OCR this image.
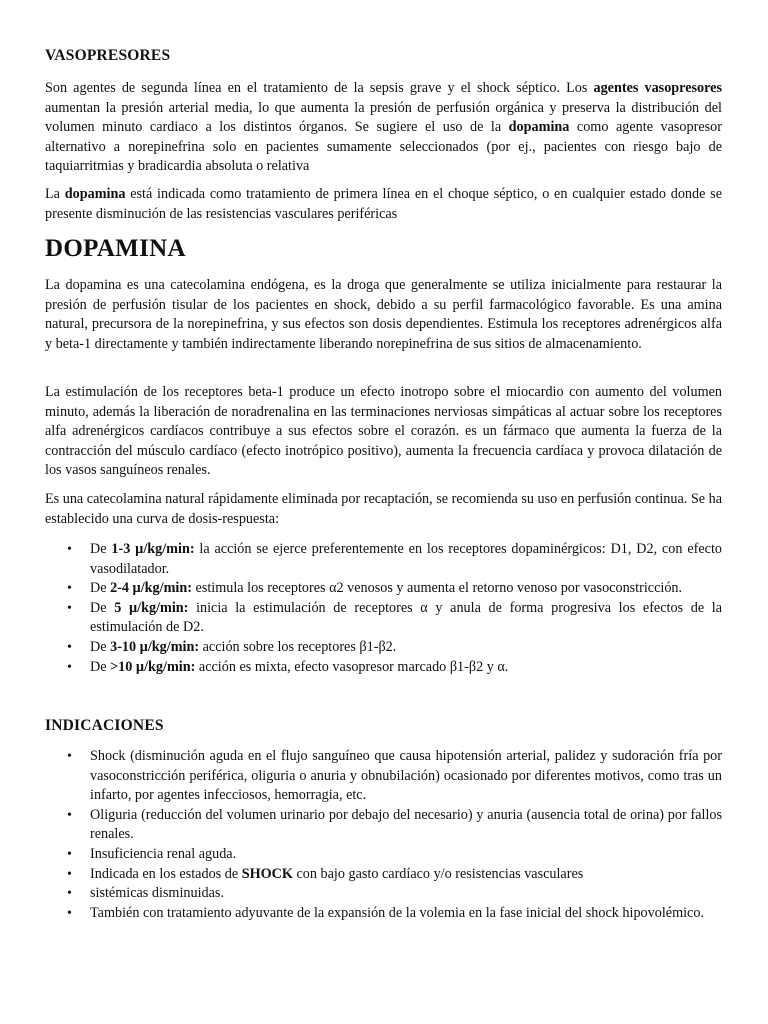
VASOPRESORES

Son agentes de segunda línea en el tratamiento de la sepsis grave y el shock séptico. Los agentes vasopresores aumentan la presión arterial media, lo que aumenta la presión de perfusión orgánica y preserva la distribución del volumen minuto cardiaco a los distintos órganos. Se sugiere el uso de la dopamina como agente vasopresor alternativo a norepinefrina solo en pacientes sumamente seleccionados (por ej., pacientes con riesgo bajo de taquiarritmias y bradicardia absoluta o relativa

La dopamina está indicada como tratamiento de primera línea en el choque séptico, o en cualquier estado donde se presente disminución de las resistencias vasculares periféricas

DOPAMINA

La dopamina es una catecolamina endógena, es la droga que generalmente se utiliza inicialmente para restaurar la presión de perfusión tisular de los pacientes en shock, debido a su perfil farmacológico favorable. Es una amina natural, precursora de la norepinefrina, y sus efectos son dosis dependientes. Estimula los receptores adrenérgicos alfa y beta-1 directamente y también indirectamente liberando norepinefrina de sus sitios de almacenamiento.

La estimulación de los receptores beta-1 produce un efecto inotropo sobre el miocardio con aumento del volumen minuto, además la liberación de noradrenalina en las terminaciones nerviosas simpáticas al actuar sobre los receptores alfa adrenérgicos cardíacos contribuye a sus efectos sobre el corazón. es un fármaco que aumenta la fuerza de la contracción del músculo cardíaco (efecto inotrópico positivo), aumenta la frecuencia cardíaca y provoca dilatación de los vasos sanguíneos renales.

Es una catecolamina natural rápidamente eliminada por recaptación, se recomienda su uso en perfusión continua. Se ha establecido una curva de dosis-respuesta:

• De 1-3 µ/kg/min: la acción se ejerce preferentemente en los receptores dopaminérgicos: D1, D2, con efecto vasodilatador.
• De 2-4 µ/kg/min: estimula los receptores α2 venosos y aumenta el retorno venoso por vasoconstricción.
• De 5 µ/kg/min: inicia la estimulación de receptores α y anula de forma progresiva los efectos de la estimulación de D2.
• De 3-10 µ/kg/min: acción sobre los receptores β1-β2.
• De >10 µ/kg/min: acción es mixta, efecto vasopresor marcado β1-β2 y α.
INDICACIONES
• Shock (disminución aguda en el flujo sanguíneo que causa hipotensión arterial, palidez y sudoración fría por vasoconstricción periférica, oliguria o anuria y obnubilación) ocasionado por diferentes motivos, como tras un infarto, por agentes infecciosos, hemorragia, etc.
• Oliguria (reducción del volumen urinario por debajo del necesario) y anuria (ausencia total de orina) por fallos renales.
• Insuficiencia renal aguda.
• Indicada en los estados de SHOCK con bajo gasto cardíaco y/o resistencias vasculares
• sistémicas disminuidas.
• También con tratamiento adyuvante de la expansión de la volemia en la fase inicial del shock hipovolémico.
